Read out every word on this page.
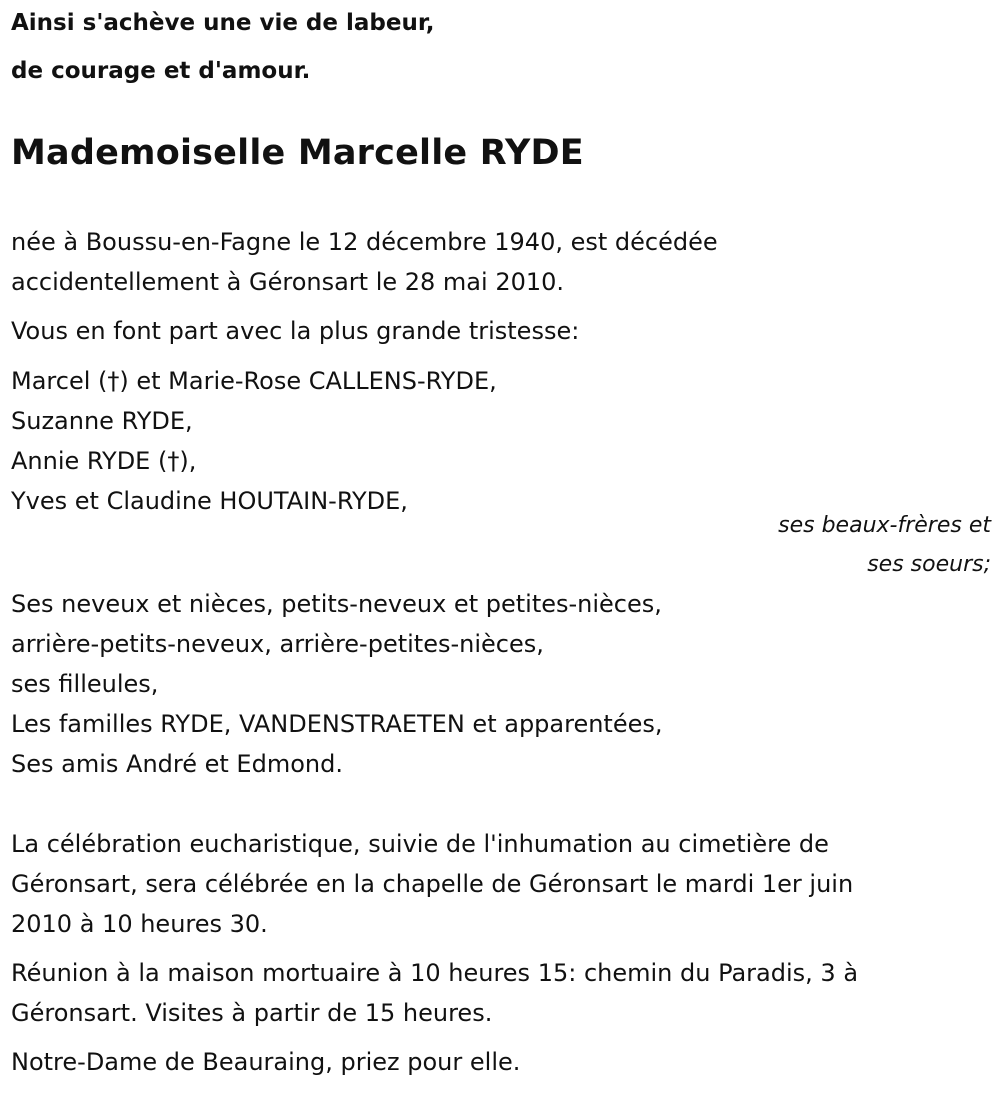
Ainsi s'achève une vie de labeur,

de courage et d'amour.

Mademoiselle Marcelle RYDE
née à Boussu-en-Fagne le 12 décembre 1940, est décédée
accidentellement à Géronsart le 28 mai 2010.
Vous en font part avec la plus grande tristesse:
Marcel (†) et Marie-Rose CALLENS-RYDE,
Suzanne RYDE,
Annie RYDE (†),
Yves et Claudine HOUTAIN-RYDE,
ses beaux-frères et
ses soeurs;
Ses neveux et nièces, petits-neveux et petites-nièces,
arrière-petits-neveux, arrière-petites-nièces,
ses filleules,
Les familles RYDE, VANDENSTRAETEN et apparentées,
Ses amis André et Edmond.
La célébration eucharistique, suivie de l'inhumation au cimetière de
Géronsart, sera célébrée en la chapelle de Géronsart le mardi 1er juin
2010 à 10 heures 30.
Réunion à la maison mortuaire à 10 heures 15: chemin du Paradis, 3 à
Géronsart. Visites à partir de 15 heures.
Notre-Dame de Beauraing, priez pour elle.
